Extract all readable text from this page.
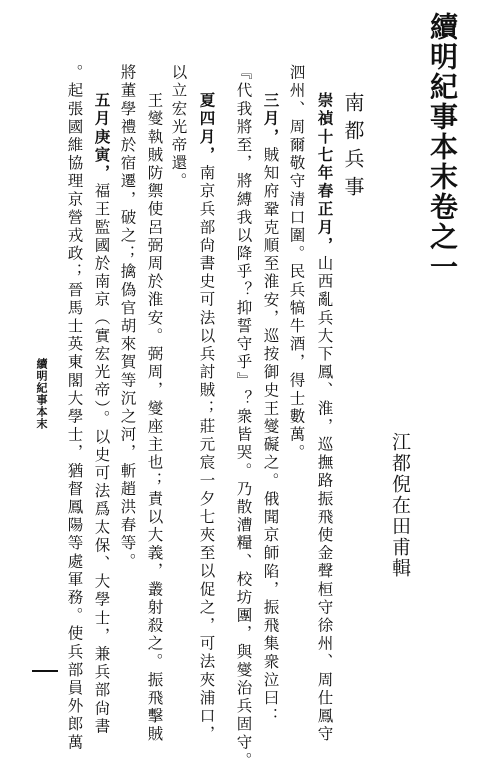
續明紀事本末卷之一
江都倪在田甫輯
南都兵事
崇禎十七年春正月，山西亂兵大下鳳、淮，巡撫路振飛使金聲桓守徐州、周仕鳳守
泗州、周爾敬守清口圍。民兵犒牛酒，得士數萬。
三月，賊知府鞏克順至淮安，巡按御史王燮礙之。俄聞京師陷，振飛集衆泣曰：
『代我將至，將縛我以降乎？抑誓守乎』？衆皆哭。乃散漕糧、校坊團，與燮治兵固守。
夏四月，南京兵部尙書史可法以兵討賊；莊元宸一夕七夾至以促之，可法夾浦口，
以立宏光帝還。
王燮執賊防禦使呂弼周於淮安。弼周，燮座主也；責以大義，叢射殺之。振飛擊賊
將董學禮於宿遷，破之；擒偽官胡來賀等沉之河，斬趙洪春等。
五月庚寅，福王監國於南京（實宏光帝）。以史可法爲太保、大學士，兼兵部尙書
。起張國維協理京營戎政；晉馬士英東閣大學士，猶督鳳陽等處軍務。使兵部員外郎萬
續明紀事本末
